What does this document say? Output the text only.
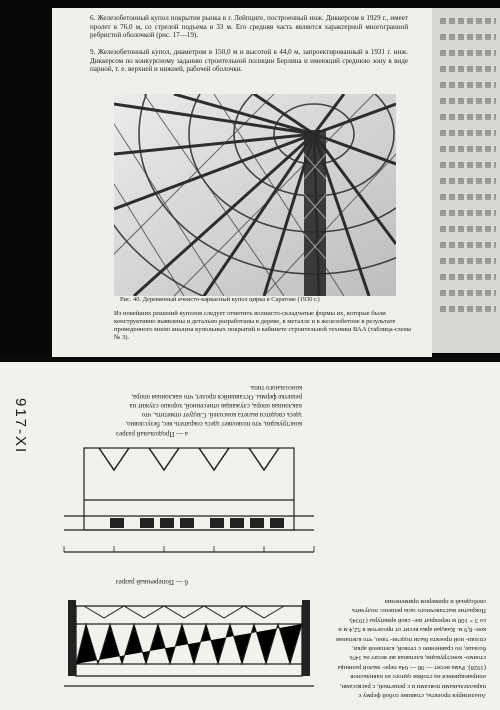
6. Железобетонный купол покрытия рынка в г. Лейпциге, построенный инж. Диккерсом в 1929 г., имеет пролет в 76,0 м, со стрелой подъема в 33 м. Его средняя часть является характерной многогранной ребристой оболочкой (рис. 17—19).
9. Железобетонный купол, диаметром в 150,0 м и высотой в 44,0 м, запроектированный в 1931 г. инж. Диккерсом по конкурсному заданию строительной полиции Берлина и имеющий среднюю зону в виде парной, т. е. верхней и нижней, рабочей оболочки.
Рис. 40. Деревянный ячеисто-каркасный купол цирка в Саратове (1930 г.)
Из новейших решений куполов следует отметить волнисто-складчатые формы их, которые были конструктивно выявлены и детально разработаны в дереве, в металле и в железобетоне в результате проведенного мною анализа купольных покрытий в кабинете строительной техники ВАА (таблица-схема № 3).
Анализируя проекты, ставшие собой ферму с параллельными поясами и с решеткой, с раскосами, опирающимися на стойки одного из павильонов (1928). Рама весит — 98 — 64а пере- малой разницы стоимо- конструкции, клепаная же весит на 14% больше, по сравнению с сеткой, клепаной арки, сплош- ной проекта были подсчи- тано, что клепаная кон- 8,9 м. Каждая арка весит от пролетом в 52,4 м и со 3 × 100 м перекрыт ше- ской арматуры (1934). Покрытие выставочного зала решено: получить свободный и примером применения
конструкции, что позволяет здесь сократить вес, безусловно, здесь сводятся вылета консолей. Следует отметить, что наклонная опора, служащая отнесенной, хорошо служит на решетке фермы. Оставшийся пролет, что наклонная опора, консольного типа.
а — Продольный разрез
б — Поперечный разрез
917-XI
